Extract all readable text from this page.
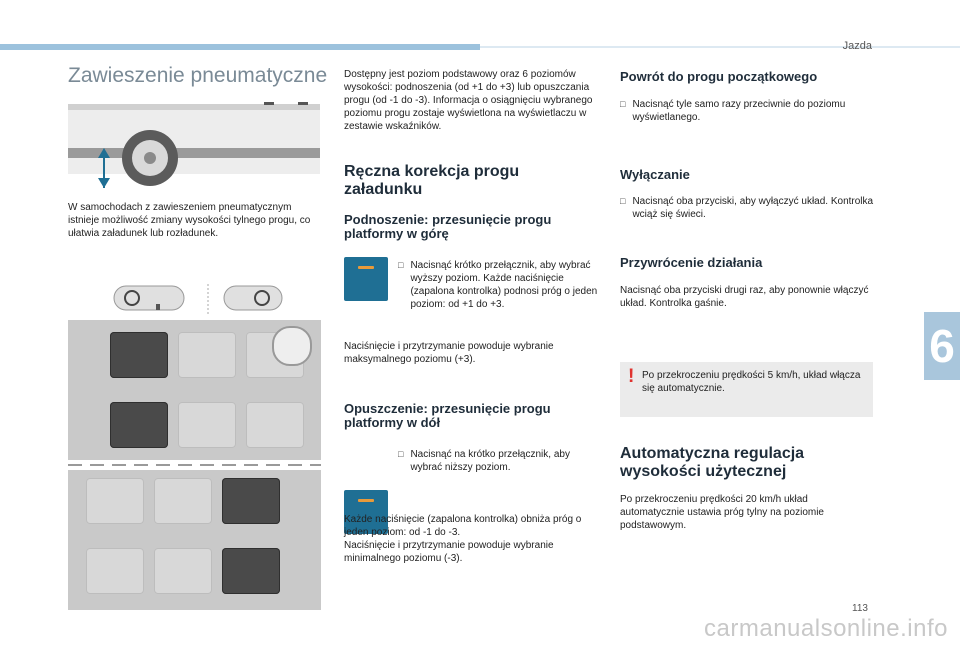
Jazda
Zawieszenie pneumatyczne

W samochodach z zawieszeniem pneumatycznym istnieje możliwość zmiany wysokości tylnego progu, co ułatwia załadunek lub rozładunek.

Dostępny jest poziom podstawowy oraz 6 poziomów wysokości: podnoszenia (od +1 do +3) lub opuszczania progu (od -1 do -3). Informacja o osiągnięciu wybranego poziomu progu zostaje wyświetlona na wyświetlaczu w zestawie wskaźników.

Ręczna korekcja progu załadunku
Podnoszenie: przesunięcie progu platformy w górę
□ Nacisnąć krótko przełącznik, aby wybrać wyższy poziom. Każde naciśnięcie (zapalona kontrolka) podnosi próg o jeden poziom: od +1 do +3.

Naciśnięcie i przytrzymanie powoduje wybranie maksymalnego poziomu (+3).

Opuszczenie: przesunięcie progu platformy w dół
□ Nacisnąć na krótko przełącznik, aby wybrać niższy poziom.

Każde naciśnięcie (zapalona kontrolka) obniża próg o jeden poziom: od -1 do -3.
Naciśnięcie i przytrzymanie powoduje wybranie minimalnego poziomu (-3).

Powrót do progu początkowego
□ Nacisnąć tyle samo razy przeciwnie do poziomu wyświetlanego.
Wyłączanie
□ Nacisnąć oba przyciski, aby wyłączyć układ. Kontrolka wciąż się świeci.
Przywrócenie działania

Nacisnąć oba przyciski drugi raz, aby ponownie włączyć układ. Kontrolka gaśnie.

! Po przekroczeniu prędkości 5 km/h, układ włącza się automatycznie.

Automatyczna regulacja wysokości użytecznej

Po przekroczeniu prędkości 20 km/h układ automatycznie ustawia próg tylny na poziomie podstawowym.

6
113
carmanualsonline.info
